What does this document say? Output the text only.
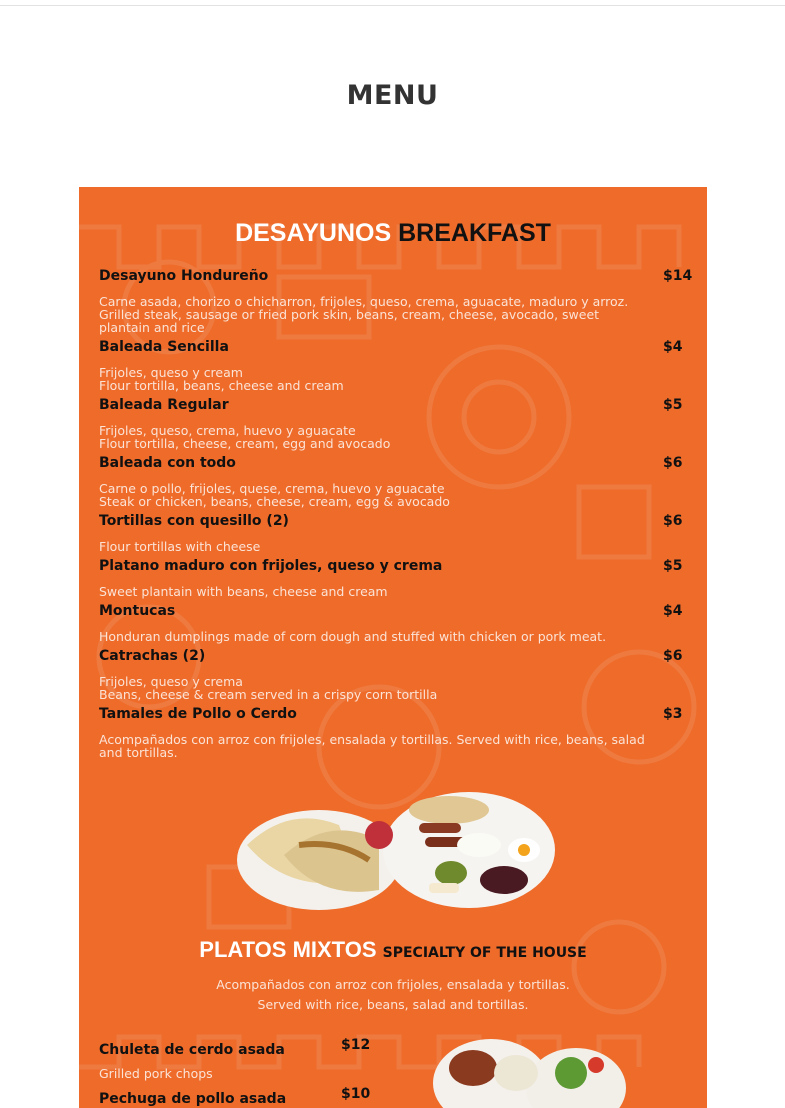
MENU
DESAYUNOS BREAKFAST
Desayuno Hondureño	$14
Carne asada, chorizo o chicharron, frijoles, queso, crema, aguacate, maduro y arroz.
Grilled steak, sausage or fried pork skin, beans, cream, cheese, avocado, sweet plantain and rice
Baleada Sencilla	$4
Frijoles, queso y cream
Flour tortilla, beans, cheese and cream
Baleada Regular	$5
Frijoles, queso, crema, huevo y aguacate
Flour tortilla, cheese, cream, egg and avocado
Baleada con todo	$6
Carne o pollo, frijoles, quese, crema, huevo y aguacate
Steak or chicken, beans, cheese, cream, egg & avocado
Tortillas con quesillo (2)	$6
Flour tortillas with cheese
Platano maduro con frijoles, queso y crema	$5
Sweet plantain with beans, cheese and cream
Montucas	$4
Honduran dumplings made of corn dough and stuffed with chicken or pork meat.
Catrachas (2)	$6
Frijoles, queso y crema
Beans, cheese & cream served in a crispy corn tortilla
Tamales de Pollo o Cerdo	$3
Acompañados con arroz con frijoles, ensalada y tortillas. Served with rice, beans, salad and tortillas.
PLATOS MIXTOS SPECIALTY OF THE HOUSE
Acompañados con arroz con frijoles, ensalada y tortillas.
Served with rice, beans, salad and tortillas.
Chuleta de cerdo asada	$12
Grilled pork chops
Pechuga de pollo asada	$10
